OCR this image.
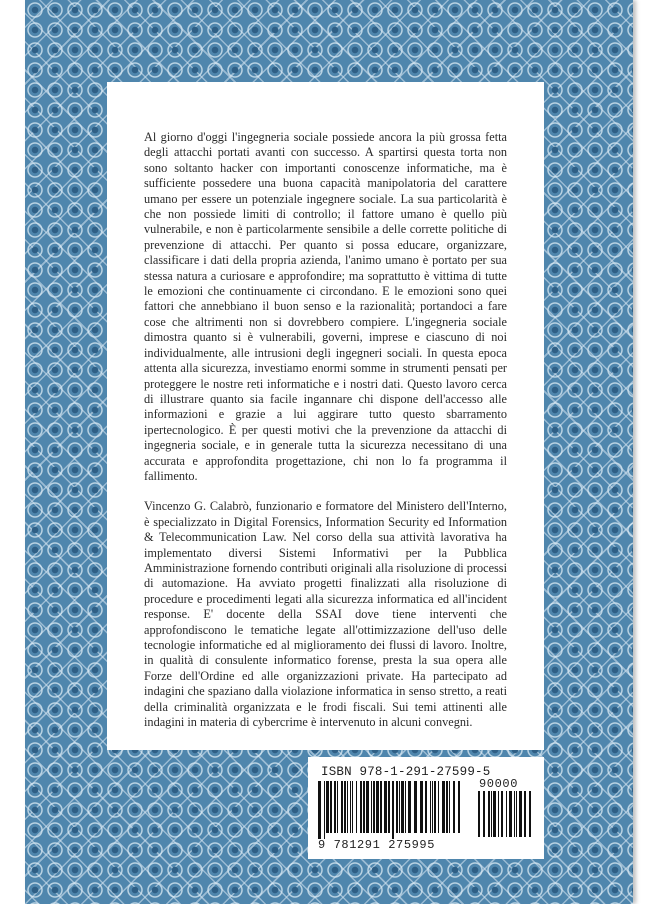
Al giorno d'oggi l'ingegneria sociale possiede ancora la più grossa fetta degli attacchi portati avanti con successo. A spartirsi questa torta non sono soltanto hacker con importanti conoscenze informatiche, ma è sufficiente possedere una buona capacità manipolatoria del carattere umano per essere un potenziale ingegnere sociale. La sua particolarità è che non possiede limiti di controllo; il fattore umano è quello più vulnerabile, e non è particolarmente sensibile a delle corrette politiche di prevenzione di attacchi. Per quanto si possa educare, organizzare, classificare i dati della propria azienda, l'animo umano è portato per sua stessa natura a curiosare e approfondire; ma soprattutto è vittima di tutte le emozioni che continuamente ci circondano. E le emozioni sono quei fattori che annebbiano il buon senso e la razionalità; portandoci a fare cose che altrimenti non si dovrebbero compiere. L'ingegneria sociale dimostra quanto si è vulnerabili, governi, imprese e ciascuno di noi individualmente, alle intrusioni degli ingegneri sociali. In questa epoca attenta alla sicurezza, investiamo enormi somme in strumenti pensati per proteggere le nostre reti informatiche e i nostri dati. Questo lavoro cerca di illustrare quanto sia facile ingannare chi dispone dell'accesso alle informazioni e grazie a lui aggirare tutto questo sbarramento ipertecnologico. È per questi motivi che la prevenzione da attacchi di ingegneria sociale, e in generale tutta la sicurezza necessitano di una accurata e approfondita progettazione, chi non lo fa programma il fallimento.

Vincenzo G. Calabrò, funzionario e formatore del Ministero dell'Interno, è specializzato in Digital Forensics, Information Security ed Information & Telecommunication Law. Nel corso della sua attività lavorativa ha implementato diversi Sistemi Informativi per la Pubblica Amministrazione fornendo contributi originali alla risoluzione di processi di automazione. Ha avviato progetti finalizzati alla risoluzione di procedure e procedimenti legati alla sicurezza informatica ed all'incident response. E' docente della SSAI dove tiene interventi che approfondiscono le tematiche legate all'ottimizzazione dell'uso delle tecnologie informatiche ed al miglioramento dei flussi di lavoro. Inoltre, in qualità di consulente informatico forense, presta la sua opera alle Forze dell'Ordine ed alle organizzazioni private. Ha partecipato ad indagini che spaziano dalla violazione informatica in senso stretto, a reati della criminalità organizzata e le frodi fiscali. Sui temi attinenti alle indagini in materia di cybercrime è intervenuto in alcuni convegni.

ISBN 978-1-291-27599-5
9 781291 275995
90000
